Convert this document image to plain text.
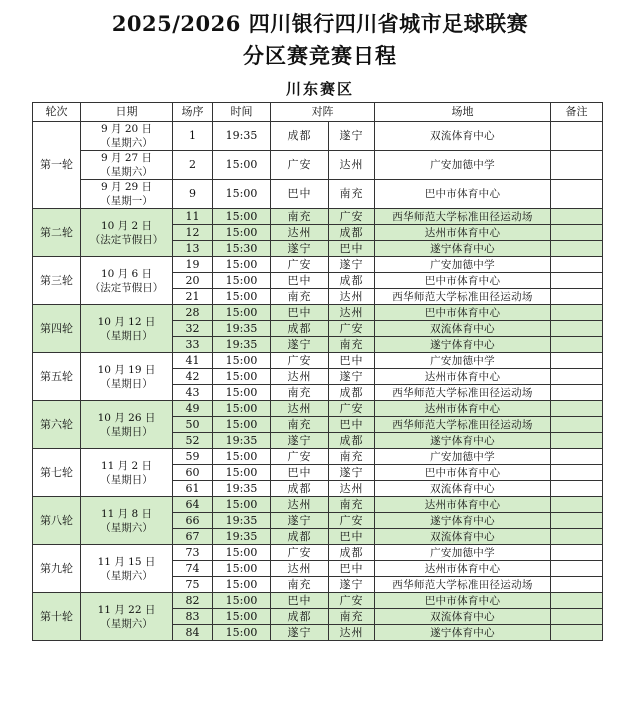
2025/2026 四川银行四川省城市足球联赛
分区赛竞赛日程
川东赛区
轮次	日期	场序	时间	对阵		场地	备注
第一轮	9 月 20 日
（星期六）	1	19:35	成都	遂宁	双流体育中心	
	9 月 27 日
（星期六）	2	15:00	广安	达州	广安加德中学	
	9 月 29 日
（星期一）	9	15:00	巴中	南充	巴中市体育中心	
第二轮	10 月 2 日
（法定节假日）	11	15:00	南充	广安	西华师范大学标准田径运动场	
		12	15:00	达州	成都	达州市体育中心	
		13	15:30	遂宁	巴中	遂宁体育中心	
第三轮	10 月 6 日
（法定节假日）	19	15:00	广安	遂宁	广安加德中学	
		20	15:00	巴中	成都	巴中市体育中心	
		21	15:00	南充	达州	西华师范大学标准田径运动场	
第四轮	10 月 12 日
（星期日）	28	15:00	巴中	达州	巴中市体育中心	
		32	19:35	成都	广安	双流体育中心	
		33	19:35	遂宁	南充	遂宁体育中心	
第五轮	10 月 19 日
（星期日）	41	15:00	广安	巴中	广安加德中学	
		42	15:00	达州	遂宁	达州市体育中心	
		43	15:00	南充	成都	西华师范大学标准田径运动场	
第六轮	10 月 26 日
（星期日）	49	15:00	达州	广安	达州市体育中心	
		50	15:00	南充	巴中	西华师范大学标准田径运动场	
		52	19:35	遂宁	成都	遂宁体育中心	
第七轮	11 月 2 日
（星期日）	59	15:00	广安	南充	广安加德中学	
		60	15:00	巴中	遂宁	巴中市体育中心	
		61	19:35	成都	达州	双流体育中心	
第八轮	11 月 8 日
（星期六）	64	15:00	达州	南充	达州市体育中心	
		66	19:35	遂宁	广安	遂宁体育中心	
		67	19:35	成都	巴中	双流体育中心	
第九轮	11 月 15 日
（星期六）	73	15:00	广安	成都	广安加德中学	
		74	15:00	达州	巴中	达州市体育中心	
		75	15:00	南充	遂宁	西华师范大学标准田径运动场	
第十轮	11 月 22 日
（星期六）	82	15:00	巴中	广安	巴中市体育中心	
		83	15:00	成都	南充	双流体育中心	
		84	15:00	遂宁	达州	遂宁体育中心	
